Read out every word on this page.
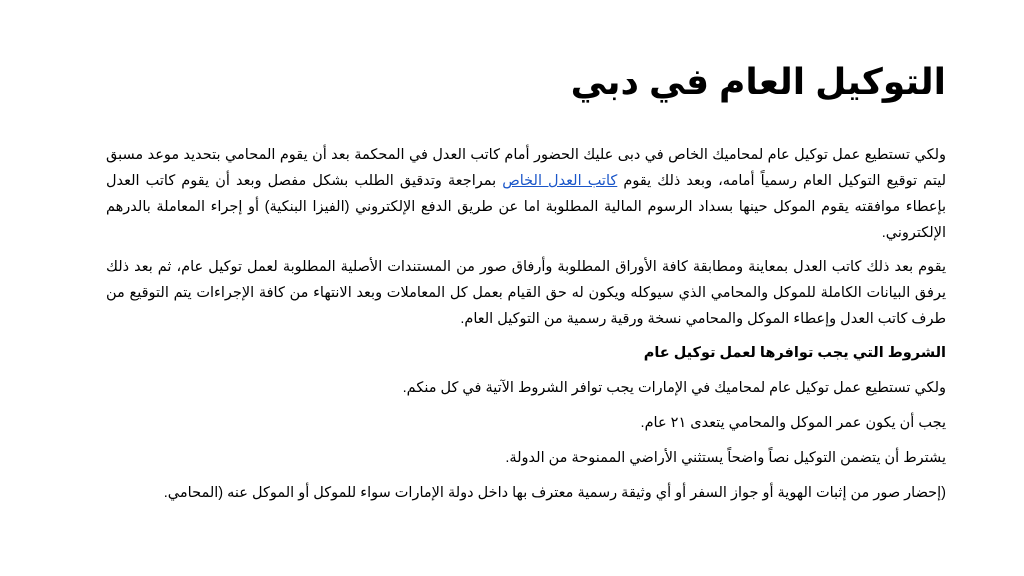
التوكيل العام في دبي

ولكي تستطيع عمل توكيل عام لمحاميك الخاص في دبى عليك الحضور أمام كاتب العدل في المحكمة بعد أن يقوم المحامي بتحديد موعد مسبق ليتم توقيع التوكيل العام رسمياً أمامه، وبعد ذلك يقوم كاتب العدل الخاص بمراجعة وتدقيق الطلب بشكل مفصل وبعد أن يقوم كاتب العدل بإعطاء موافقته يقوم الموكل حينها بسداد الرسوم المالية المطلوبة اما عن طريق الدفع الإلكتروني (الفيزا البنكية) أو إجراء المعاملة بالدرهم الإلكتروني.

يقوم بعد ذلك كاتب العدل بمعاينة ومطابقة كافة الأوراق المطلوبة وأرفاق صور من المستندات الأصلية المطلوبة لعمل توكيل عام، ثم بعد ذلك يرفق البيانات الكاملة للموكل والمحامي الذي سيوكله ويكون له حق القيام بعمل كل المعاملات وبعد الانتهاء من كافة الإجراءات يتم التوقيع من طرف كاتب العدل وإعطاء الموكل والمحامي نسخة ورقية رسمية من التوكيل العام.

الشروط التي يجب توافرها لعمل توكيل عام

ولكي تستطيع عمل توكيل عام لمحاميك في الإمارات يجب توافر الشروط الآتية في كل منكم.

يجب أن يكون عمر الموكل والمحامي يتعدى ٢١ عام.

يشترط أن يتضمن التوكيل نصاً واضحاً يستثني الأراضي الممنوحة من الدولة.

(إحضار صور من إثبات الهوية أو جواز السفر أو أي وثيقة رسمية معترف بها داخل دولة الإمارات سواء للموكل أو الموكل عنه (المحامي.
